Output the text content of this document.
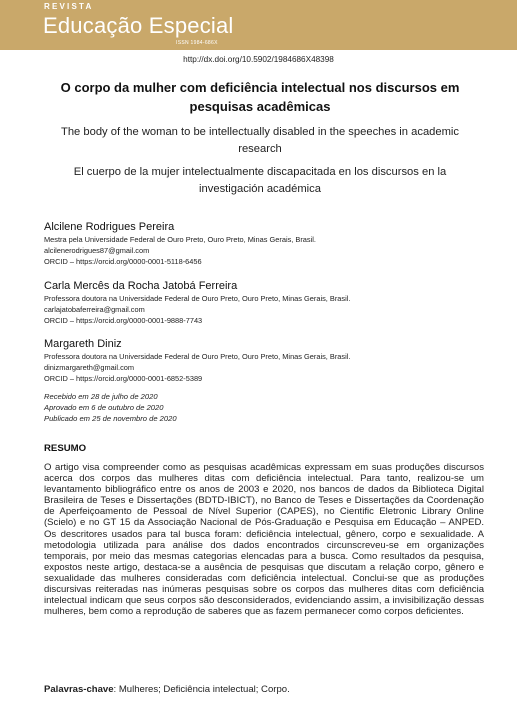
REVISTA
Educação Especial
ISSN 1984-686X
http://dx.doi.org/10.5902/1984686X48398
O corpo da mulher com deficiência intelectual nos discursos em pesquisas acadêmicas
The body of the woman to be intellectually disabled in the speeches in academic research
El cuerpo de la mujer intelectualmente discapacitada en los discursos en la investigación académica
Alcilene Rodrigues Pereira
Mestra pela Universidade Federal de Ouro Preto, Ouro Preto, Minas Gerais, Brasil.
alcilenerodrigues87@gmail.com
ORCID – https://orcid.org/0000-0001-5118-6456
Carla Mercês da Rocha Jatobá Ferreira
Professora doutora na Universidade Federal de Ouro Preto, Ouro Preto, Minas Gerais, Brasil.
carlajatobaferreira@gmail.com
ORCID – https://orcid.org/0000-0001-9888-7743
Margareth Diniz
Professora doutora na Universidade Federal de Ouro Preto, Ouro Preto, Minas Gerais, Brasil.
dinizmargareth@gmail.com
ORCID – https://orcid.org/0000-0001-6852-5389
Recebido em 28 de julho de 2020
Aprovado em 6 de outubro de 2020
Publicado em 25 de novembro de 2020
RESUMO
O artigo visa compreender como as pesquisas acadêmicas expressam em suas produções discursos acerca dos corpos das mulheres ditas com deficiência intelectual. Para tanto, realizou-se um levantamento bibliográfico entre os anos de 2003 e 2020, nos bancos de dados da Biblioteca Digital Brasileira de Teses e Dissertações (BDTD-IBICT), no Banco de Teses e Dissertações da Coordenação de Aperfeiçoamento de Pessoal de Nível Superior (CAPES), no Cientific Eletronic Library Online (Scielo) e no GT 15 da Associação Nacional de Pós-Graduação e Pesquisa em Educação – ANPED. Os descritores usados para tal busca foram: deficiência intelectual, gênero, corpo e sexualidade. A metodologia utilizada para análise dos dados encontrados circunscreveu-se em organizações temporais, por meio das mesmas categorias elencadas para a busca. Como resultados da pesquisa, expostos neste artigo, destaca-se a ausência de pesquisas que discutam a relação corpo, gênero e sexualidade das mulheres consideradas com deficiência intelectual. Conclui-se que as produções discursivas reiteradas nas inúmeras pesquisas sobre os corpos das mulheres ditas com deficiência intelectual indicam que seus corpos são desconsiderados, evidenciando assim, a invisibilização dessas mulheres, bem como a reprodução de saberes que as fazem permanecer como corpos deficientes.
Palavras-chave: Mulheres; Deficiência intelectual; Corpo.
